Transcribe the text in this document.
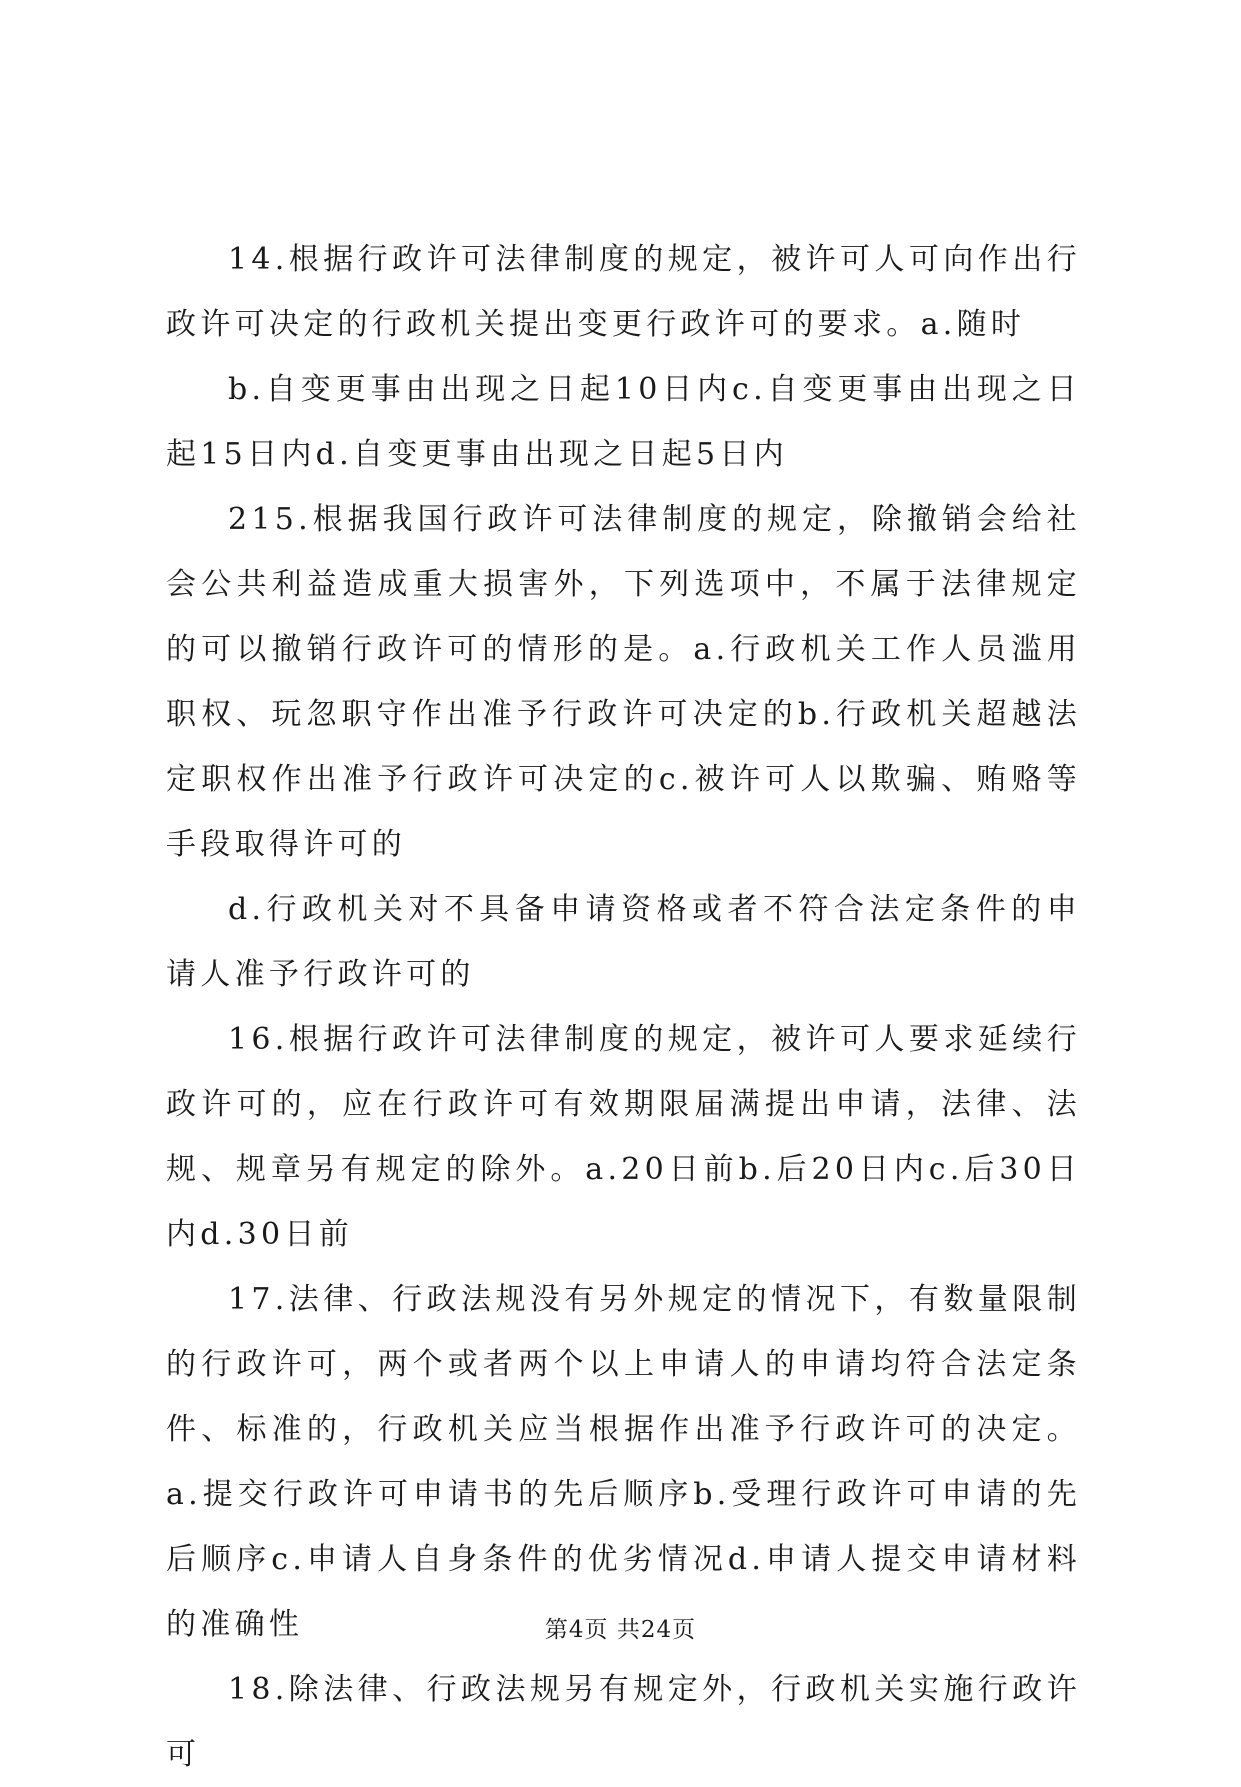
14.根据行政许可法律制度的规定，被许可人可向作出行政许可决定的行政机关提出变更行政许可的要求。a.随时

b.自变更事由出现之日起10日内c.自变更事由出现之日起15日内d.自变更事由出现之日起5日内

215.根据我国行政许可法律制度的规定，除撤销会给社会公共利益造成重大损害外，下列选项中，不属于法律规定的可以撤销行政许可的情形的是。a.行政机关工作人员滥用职权、玩忽职守作出准予行政许可决定的b.行政机关超越法定职权作出准予行政许可决定的c.被许可人以欺骗、贿赂等手段取得许可的

d.行政机关对不具备申请资格或者不符合法定条件的申请人准予行政许可的

16.根据行政许可法律制度的规定，被许可人要求延续行政许可的，应在行政许可有效期限届满提出申请，法律、法规、规章另有规定的除外。a.20日前b.后20日内c.后30日内d.30日前

17.法律、行政法规没有另外规定的情况下，有数量限制的行政许可，两个或者两个以上申请人的申请均符合法定条件、标准的，行政机关应当根据作出准予行政许可的决定。a.提交行政许可申请书的先后顺序b.受理行政许可申请的先后顺序c.申请人自身条件的优劣情况d.申请人提交申请材料的准确性

18.除法律、行政法规另有规定外，行政机关实施行政许可

第4页 共24页
